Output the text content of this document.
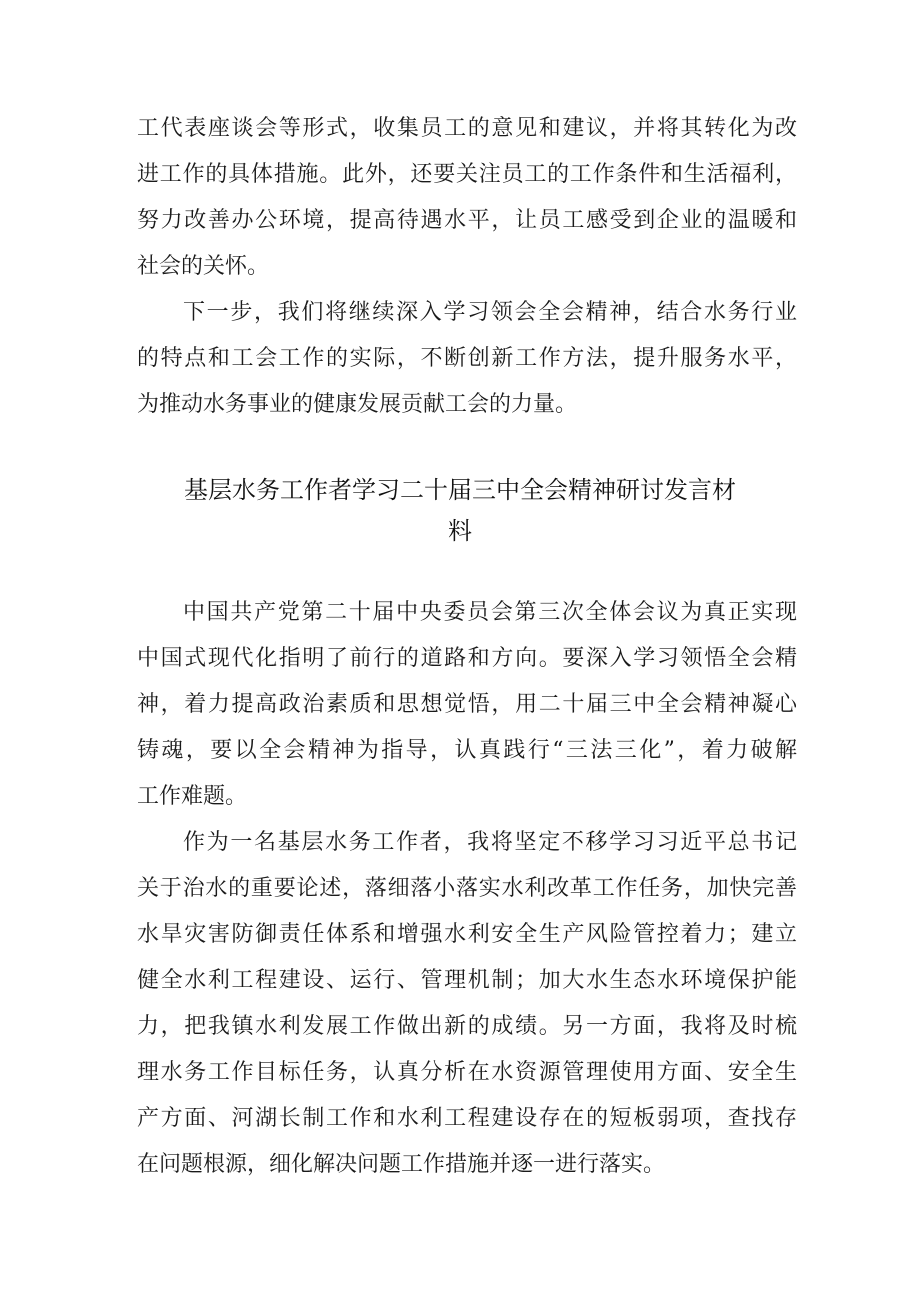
工代表座谈会等形式，收集员工的意见和建议，并将其转化为改
进工作的具体措施。此外，还要关注员工的工作条件和生活福利，
努力改善办公环境，提高待遇水平，让员工感受到企业的温暖和
社会的关怀。
下一步，我们将继续深入学习领会全会精神，结合水务行业
的特点和工会工作的实际，不断创新工作方法，提升服务水平，
为推动水务事业的健康发展贡献工会的力量。
基层水务工作者学习二十届三中全会精神研讨发言材
料
中国共产党第二十届中央委员会第三次全体会议为真正实现
中国式现代化指明了前行的道路和方向。要深入学习领悟全会精
神，着力提高政治素质和思想觉悟，用二十届三中全会精神凝心
铸魂，要以全会精神为指导，认真践行“三法三化”，着力破解
工作难题。
作为一名基层水务工作者，我将坚定不移学习习近平总书记
关于治水的重要论述，落细落小落实水利改革工作任务，加快完善
水旱灾害防御责任体系和增强水利安全生产风险管控着力；建立
健全水利工程建设、运行、管理机制；加大水生态水环境保护能
力，把我镇水利发展工作做出新的成绩。另一方面，我将及时梳
理水务工作目标任务，认真分析在水资源管理使用方面、安全生
产方面、河湖长制工作和水利工程建设存在的短板弱项，查找存
在问题根源，细化解决问题工作措施并逐一进行落实。
